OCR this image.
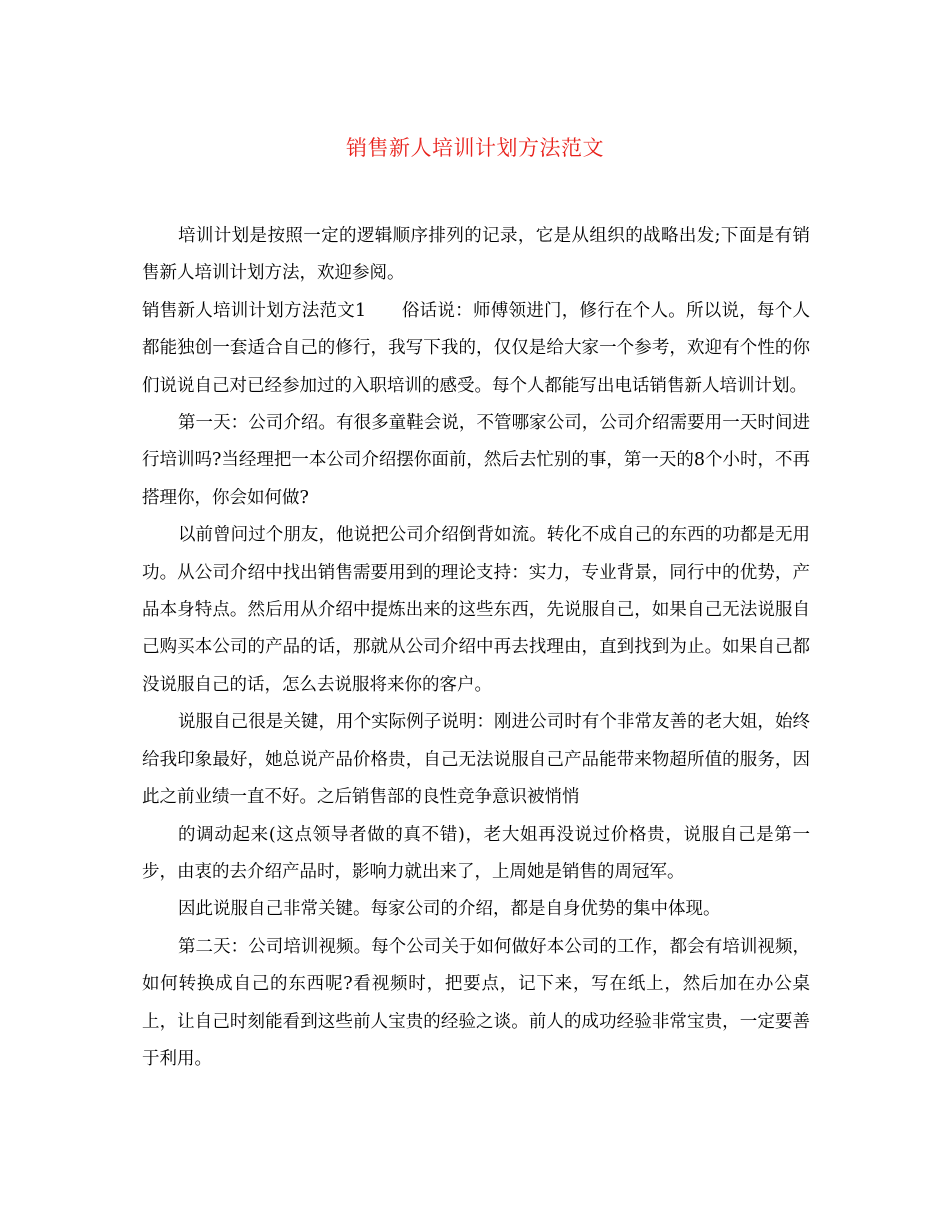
销售新人培训计划方法范文

培训计划是按照一定的逻辑顺序排列的记录，它是从组织的战略出发;下面是有销售新人培训计划方法，欢迎参阅。

销售新人培训计划方法范文1　　俗话说：师傅领进门，修行在个人。所以说，每个人都能独创一套适合自己的修行，我写下我的，仅仅是给大家一个参考，欢迎有个性的你们说说自己对已经参加过的入职培训的感受。每个人都能写出电话销售新人培训计划。

第一天：公司介绍。有很多童鞋会说，不管哪家公司，公司介绍需要用一天时间进行培训吗?当经理把一本公司介绍摆你面前，然后去忙别的事，第一天的8个小时，不再搭理你，你会如何做?

以前曾问过个朋友，他说把公司介绍倒背如流。转化不成自己的东西的功都是无用功。从公司介绍中找出销售需要用到的理论支持：实力，专业背景，同行中的优势，产品本身特点。然后用从介绍中提炼出来的这些东西，先说服自己，如果自己无法说服自己购买本公司的产品的话，那就从公司介绍中再去找理由，直到找到为止。如果自己都没说服自己的话，怎么去说服将来你的客户。

说服自己很是关键，用个实际例子说明：刚进公司时有个非常友善的老大姐，始终给我印象最好，她总说产品价格贵，自己无法说服自己产品能带来物超所值的服务，因此之前业绩一直不好。之后销售部的良性竞争意识被悄悄

的调动起来(这点领导者做的真不错)，老大姐再没说过价格贵，说服自己是第一步，由衷的去介绍产品时，影响力就出来了，上周她是销售的周冠军。

因此说服自己非常关键。每家公司的介绍，都是自身优势的集中体现。

第二天：公司培训视频。每个公司关于如何做好本公司的工作，都会有培训视频，如何转换成自己的东西呢?看视频时，把要点，记下来，写在纸上，然后加在办公桌上，让自己时刻能看到这些前人宝贵的经验之谈。前人的成功经验非常宝贵，一定要善于利用。
